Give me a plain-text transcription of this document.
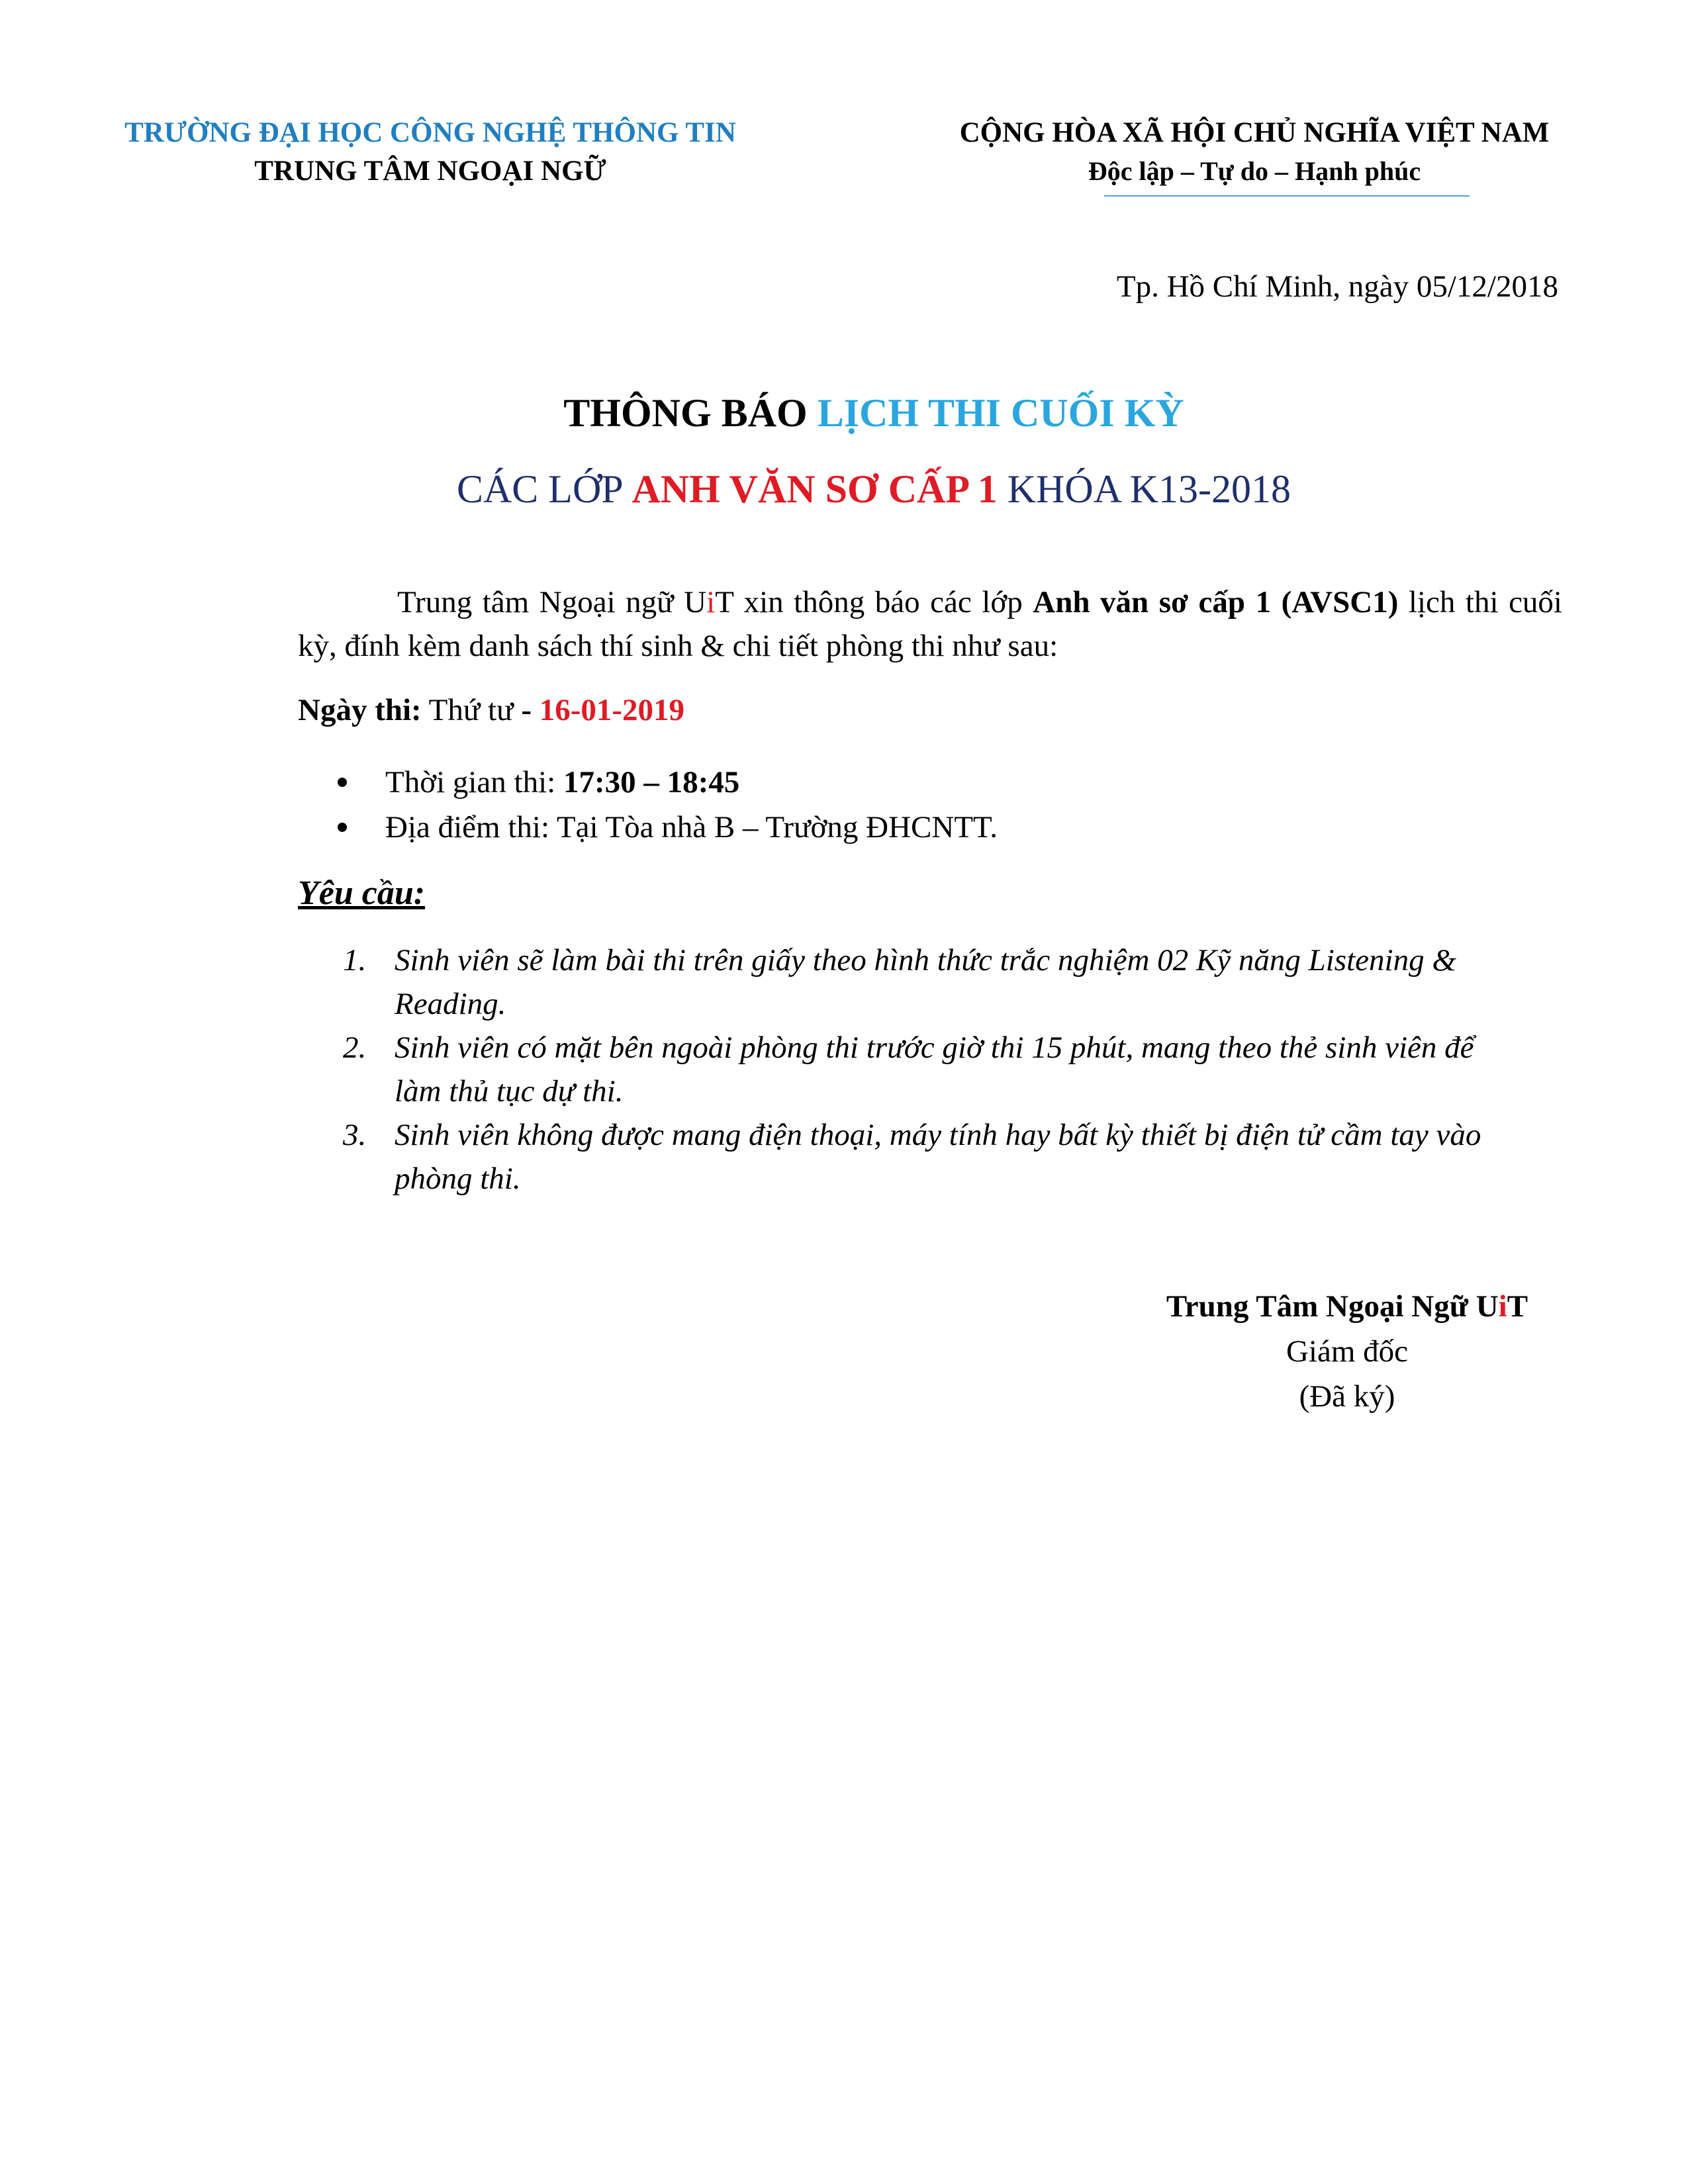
TRƯỜNG ĐẠI HỌC CÔNG NGHỆ THÔNG TIN
TRUNG TÂM NGOẠI NGỮ
CỘNG HÒA XÃ HỘI CHỦ NGHĨA VIỆT NAM
Độc lập – Tự do – Hạnh phúc
Tp. Hồ Chí Minh, ngày 05/12/2018
THÔNG BÁO LỊCH THI CUỐI KỲ
CÁC LỚP ANH VĂN SƠ CẤP 1 KHÓA K13-2018
Trung tâm Ngoại ngữ UiT xin thông báo các lớp Anh văn sơ cấp 1 (AVSC1) lịch thi cuối kỳ, đính kèm danh sách thí sinh & chi tiết phòng thi như sau:
Ngày thi: Thứ tư - 16-01-2019
Thời gian thi:
17:30 – 18:45
Địa điểm thi: Tại Tòa nhà B – Trường ĐHCNTT.
Yêu cầu:
1. Sinh viên sẽ làm bài thi trên giấy theo hình thức trắc nghiệm 02 Kỹ năng Listening & Reading.
2. Sinh viên có mặt bên ngoài phòng thi trước giờ thi 15 phút, mang theo thẻ sinh viên để làm thủ tục dự thi.
3. Sinh viên không được mang điện thoại, máy tính hay bất kỳ thiết bị điện tử cầm tay vào phòng thi.
Trung Tâm Ngoại Ngữ UiT
Giám đốc
(Đã ký)
